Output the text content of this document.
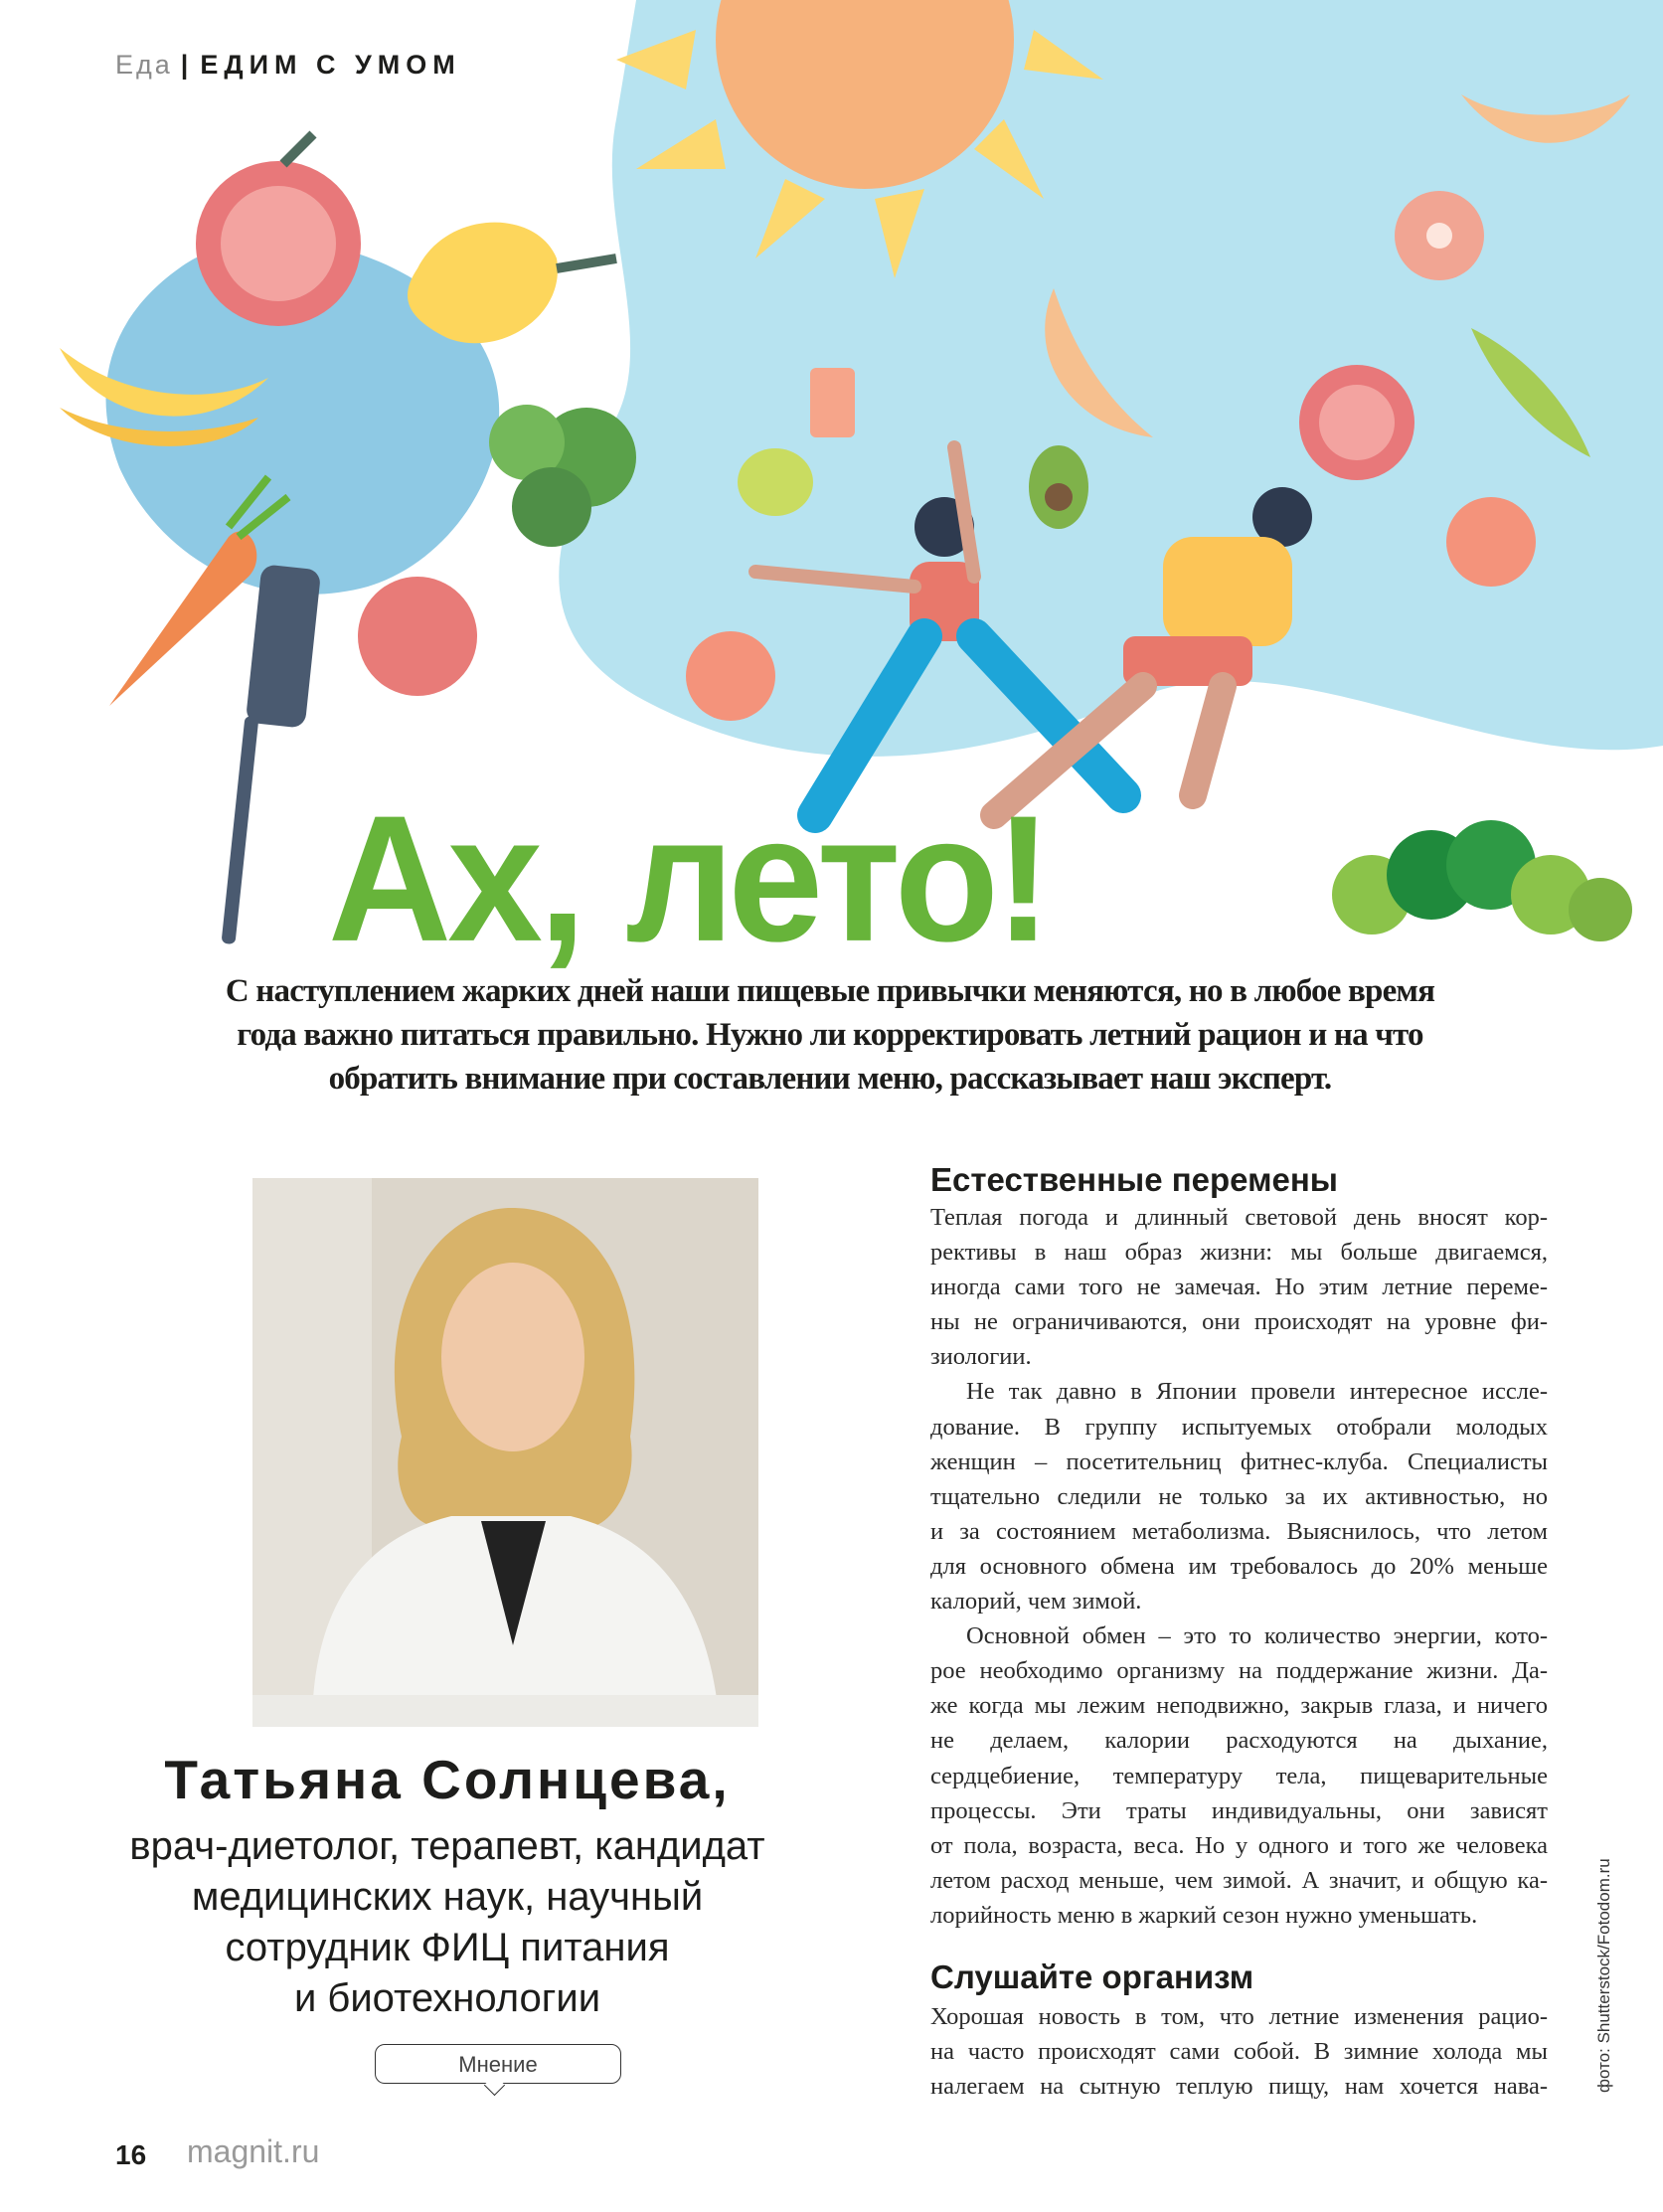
Еда | ЕДИМ С УМОМ
Ах, лето!
С наступлением жарких дней наши пищевые привычки меняются, но в любое время
года важно питаться правильно. Нужно ли корректировать летний рацион и на что
обратить внимание при составлении меню, рассказывает наш эксперт.
Татьяна Солнцева,
врач-диетолог, терапевт, кандидат
медицинских наук, научный
сотрудник ФИЦ питания
и биотехнологии
Мнение
Естественные перемены
Теплая погода и длинный световой день вносят кор-
рективы в наш образ жизни: мы больше двигаемся,
иногда сами того не замечая. Но этим летние переме-
ны не ограничиваются, они происходят на уровне фи-
зиологии.
Не так давно в Японии провели интересное иссле-
дование. В группу испытуемых отобрали молодых
женщин – посетительниц фитнес-клуба. Специалисты
тщательно следили не только за их активностью, но
и за состоянием метаболизма. Выяснилось, что летом
для основного обмена им требовалось до 20% меньше
калорий, чем зимой.
Основной обмен – это то количество энергии, кото-
рое необходимо организму на поддержание жизни. Да-
же когда мы лежим неподвижно, закрыв глаза, и ничего
не делаем, калории расходуются на дыхание,
сердцебиение, температуру тела, пищеварительные
процессы. Эти траты индивидуальны, они зависят
от пола, возраста, веса. Но у одного и того же человека
летом расход меньше, чем зимой. А значит, и общую ка-
лорийность меню в жаркий сезон нужно уменьшать.
Слушайте организм
Хорошая новость в том, что летние изменения рацио-
на часто происходят сами собой. В зимние холода мы
налегаем на сытную теплую пищу, нам хочется нава-	фото: Shutterstock/Fotodom.ru
16 magnit.ru
